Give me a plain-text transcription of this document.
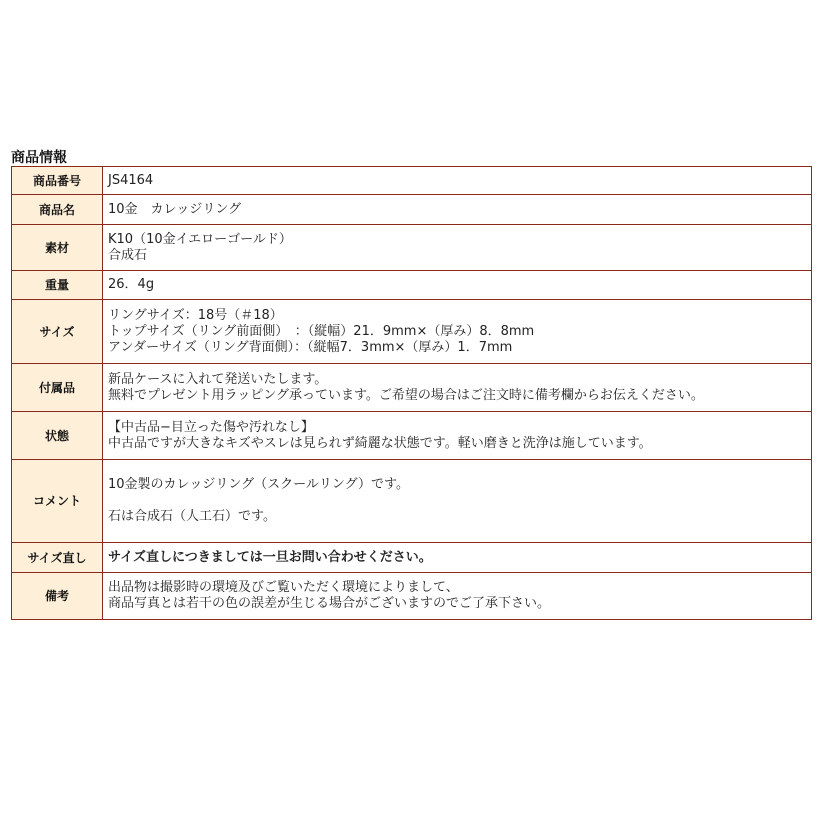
商品情報
商品番号	JS4164
商品名	10金　カレッジリング
素材	K10（10金イエローゴールド）
合成石

重量	26．4g
サイズ	リングサイズ：18号（＃18）
トップサイズ（リング前面側）　：（縦幅）21．9mm×（厚み）8．8mm
アンダーサイズ（リング背面側）：（縦幅7．3mm×（厚み）1．7mm

付属品	新品ケースに入れて発送いたします。
無料でプレゼント用ラッピング承っています。ご希望の場合はご注文時に備考欄からお伝えください。

状態	【中古品−目立った傷や汚れなし】
中古品ですが大きなキズやスレは見られず綺麗な状態です。軽い磨きと洗浄は施しています。

コメント	10金製のカレッジリング（スクールリング）です。
石は合成石（人工石）です。

サイズ直し	サイズ直しにつきましては一旦お問い合わせください。
備考	出品物は撮影時の環境及びご覧いただく環境によりまして、
商品写真とは若干の色の誤差が生じる場合がございますのでご了承下さい。
